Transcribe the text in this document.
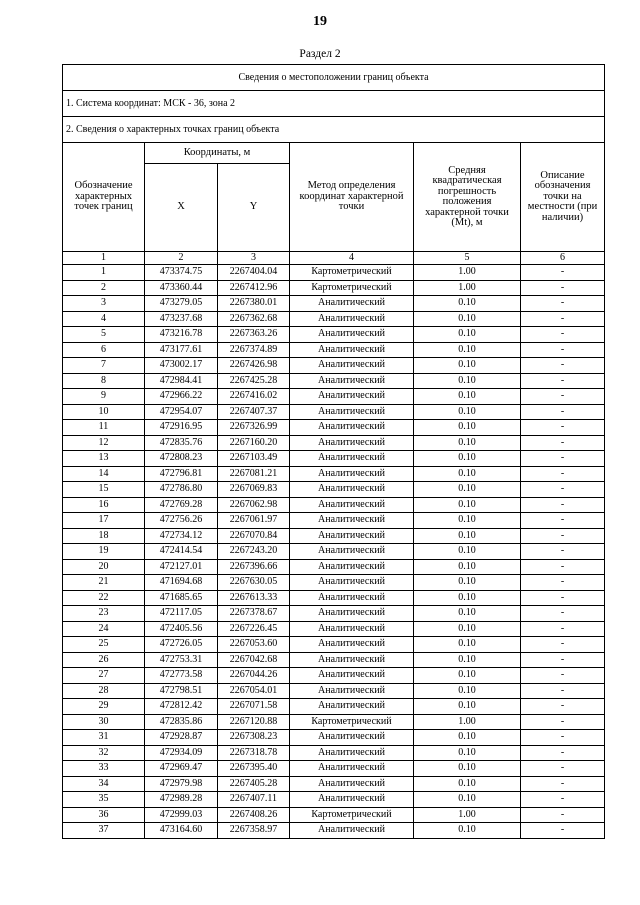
19
Раздел 2
Сведения о местоположении границ объекта					
1. Система координат: МСК - 36, зона 2					
2. Сведения о характерных точках границ объекта					
Обозначение характерных точек границ	Координаты, м		Метод определения координат характерной точки	Средняя квадратическая погрешность положения характерной точки (Mt), м	Описание обозначения точки на местности (при наличии)
	X	Y			
1	2	3	4	5	6
1	473374.75	2267404.04	Картометрический	1.00	-
2	473360.44	2267412.96	Картометрический	1.00	-
3	473279.05	2267380.01	Аналитический	0.10	-
4	473237.68	2267362.68	Аналитический	0.10	-
5	473216.78	2267363.26	Аналитический	0.10	-
6	473177.61	2267374.89	Аналитический	0.10	-
7	473002.17	2267426.98	Аналитический	0.10	-
8	472984.41	2267425.28	Аналитический	0.10	-
9	472966.22	2267416.02	Аналитический	0.10	-
10	472954.07	2267407.37	Аналитический	0.10	-
11	472916.95	2267326.99	Аналитический	0.10	-
12	472835.76	2267160.20	Аналитический	0.10	-
13	472808.23	2267103.49	Аналитический	0.10	-
14	472796.81	2267081.21	Аналитический	0.10	-
15	472786.80	2267069.83	Аналитический	0.10	-
16	472769.28	2267062.98	Аналитический	0.10	-
17	472756.26	2267061.97	Аналитический	0.10	-
18	472734.12	2267070.84	Аналитический	0.10	-
19	472414.54	2267243.20	Аналитический	0.10	-
20	472127.01	2267396.66	Аналитический	0.10	-
21	471694.68	2267630.05	Аналитический	0.10	-
22	471685.65	2267613.33	Аналитический	0.10	-
23	472117.05	2267378.67	Аналитический	0.10	-
24	472405.56	2267226.45	Аналитический	0.10	-
25	472726.05	2267053.60	Аналитический	0.10	-
26	472753.31	2267042.68	Аналитический	0.10	-
27	472773.58	2267044.26	Аналитический	0.10	-
28	472798.51	2267054.01	Аналитический	0.10	-
29	472812.42	2267071.58	Аналитический	0.10	-
30	472835.86	2267120.88	Картометрический	1.00	-
31	472928.87	2267308.23	Аналитический	0.10	-
32	472934.09	2267318.78	Аналитический	0.10	-
33	472969.47	2267395.40	Аналитический	0.10	-
34	472979.98	2267405.28	Аналитический	0.10	-
35	472989.28	2267407.11	Аналитический	0.10	-
36	472999.03	2267408.26	Картометрический	1.00	-
37	473164.60	2267358.97	Аналитический	0.10	-
